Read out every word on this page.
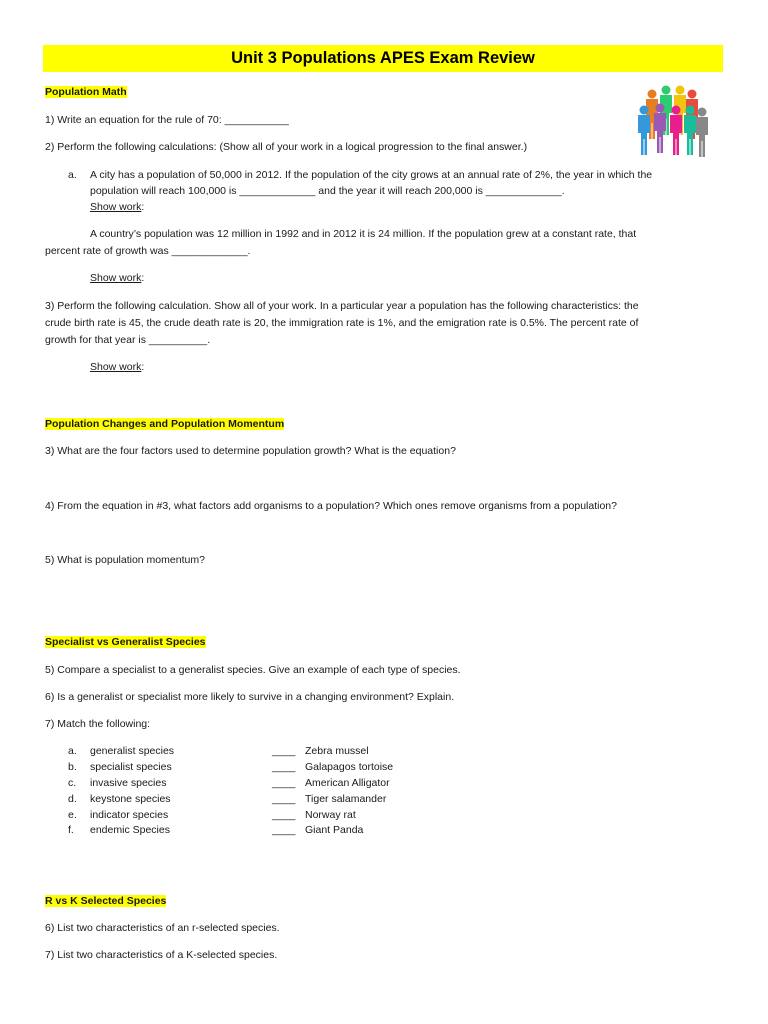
Unit 3 Populations APES Exam Review
Population Math
1) Write an equation for the rule of 70: ___________
2) Perform the following calculations: (Show all of your work in a logical progression to the final answer.)
a. A city has a population of 50,000 in 2012. If the population of the city grows at an annual rate of 2%, the year in which the
population will reach 100,000 is _____________ and the year it will reach 200,000 is _____________.
Show work:
A country’s population was 12 million in 1992 and in 2012 it is 24 million. If the population grew at a constant rate, that
percent rate of growth was _____________.
Show work:
3) Perform the following calculation. Show all of your work. In a particular year a population has the following characteristics: the
crude birth rate is 45, the crude death rate is 20, the immigration rate is 1%, and the emigration rate is 0.5%. The percent rate of
growth for that year is __________.
Show work:
Population Changes and Population Momentum
3) What are the four factors used to determine population growth? What is the equation?
4) From the equation in #3, what factors add organisms to a population? Which ones remove organisms from a population?
5) What is population momentum?
Specialist vs Generalist Species
5) Compare a specialist to a generalist species. Give an example of each type of species.
6) Is a generalist or specialist more likely to survive in a changing environment? Explain.
7) Match the following:
a. generalist species	____ Zebra mussel
b. specialist species	____ Galapagos tortoise
c. invasive species	____ American Alligator
d. keystone species	____ Tiger salamander
e. indicator species	____ Norway rat
f. endemic Species	____ Giant Panda
R vs K Selected Species
6) List two characteristics of an r-selected species.
7) List two characteristics of a K-selected species.
